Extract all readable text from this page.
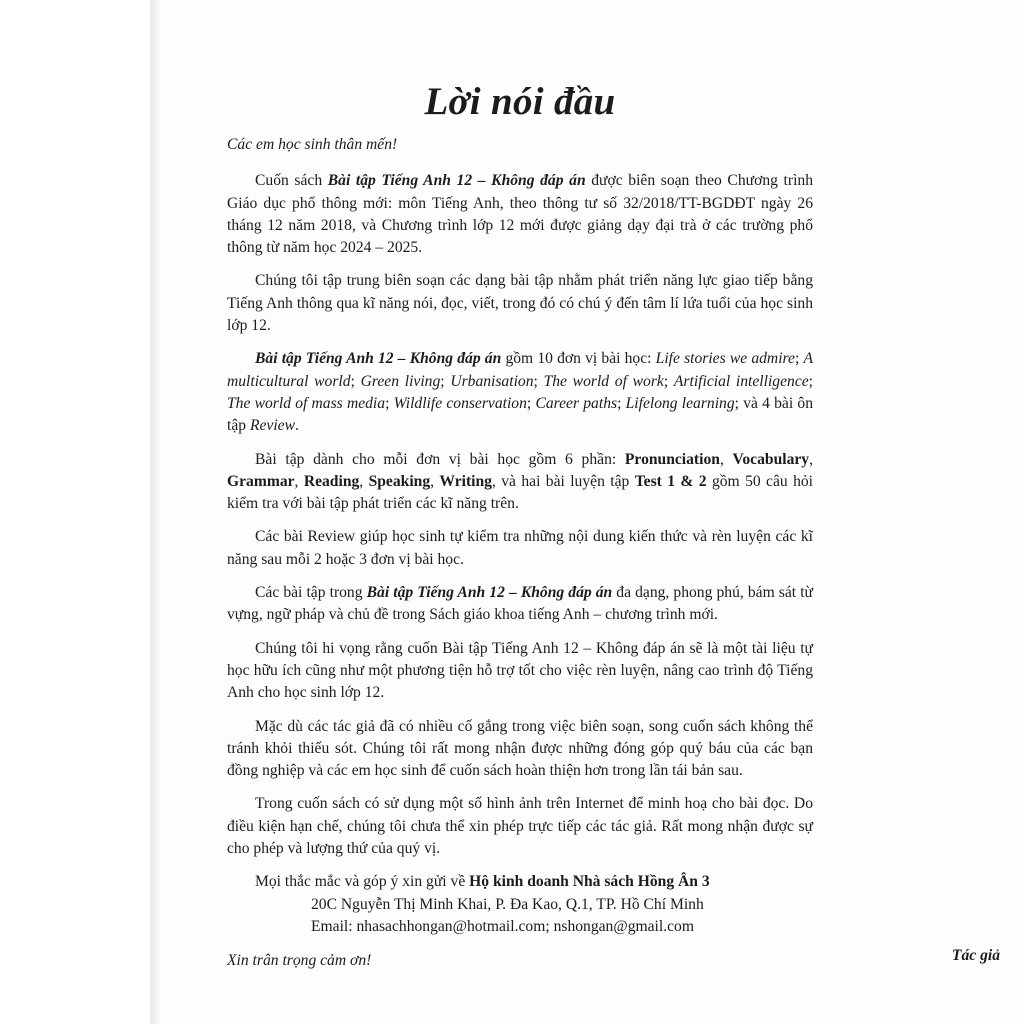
Lời nói đầu
Các em học sinh thân mến!

Cuốn sách Bài tập Tiếng Anh 12 – Không đáp án được biên soạn theo Chương trình Giáo dục phổ thông mới: môn Tiếng Anh, theo thông tư số 32/2018/TT-BGDĐT ngày 26 tháng 12 năm 2018, và Chương trình lớp 12 mới được giảng dạy đại trà ở các trường phổ thông từ năm học 2024 – 2025.

Chúng tôi tập trung biên soạn các dạng bài tập nhằm phát triển năng lực giao tiếp bằng Tiếng Anh thông qua kĩ năng nói, đọc, viết, trong đó có chú ý đến tâm lí lứa tuổi của học sinh lớp 12.

Bài tập Tiếng Anh 12 – Không đáp án gồm 10 đơn vị bài học: Life stories we admire; A multicultural world; Green living; Urbanisation; The world of work; Artificial intelligence; The world of mass media; Wildlife conservation; Career paths; Lifelong learning; và 4 bài ôn tập Review.

Bài tập dành cho mỗi đơn vị bài học gồm 6 phần: Pronunciation, Vocabulary, Grammar, Reading, Speaking, Writing, và hai bài luyện tập Test 1 & 2 gồm 50 câu hỏi kiểm tra với bài tập phát triển các kĩ năng trên.

Các bài Review giúp học sinh tự kiểm tra những nội dung kiến thức và rèn luyện các kĩ năng sau mỗi 2 hoặc 3 đơn vị bài học.

Các bài tập trong Bài tập Tiếng Anh 12 – Không đáp án đa dạng, phong phú, bám sát từ vựng, ngữ pháp và chủ đề trong Sách giáo khoa tiếng Anh – chương trình mới.

Chúng tôi hi vọng rằng cuốn Bài tập Tiếng Anh 12 – Không đáp án sẽ là một tài liệu tự học hữu ích cũng như một phương tiện hỗ trợ tốt cho việc rèn luyện, nâng cao trình độ Tiếng Anh cho học sinh lớp 12.

Mặc dù các tác giả đã có nhiều cố gắng trong việc biên soạn, song cuốn sách không thể tránh khỏi thiếu sót. Chúng tôi rất mong nhận được những đóng góp quý báu của các bạn đồng nghiệp và các em học sinh để cuốn sách hoàn thiện hơn trong lần tái bản sau.

Trong cuốn sách có sử dụng một số hình ảnh trên Internet để minh hoạ cho bài đọc. Do điều kiện hạn chế, chúng tôi chưa thể xin phép trực tiếp các tác giả. Rất mong nhận được sự cho phép và lượng thứ của quý vị.

Mọi thắc mắc và góp ý xin gửi về Hộ kinh doanh Nhà sách Hồng Ân 3

20C Nguyễn Thị Minh Khai, P. Đa Kao, Q.1, TP. Hồ Chí Minh

Email: nhasachhongan@hotmail.com; nshongan@gmail.com

Xin trân trọng cảm ơn!	Tác giả
